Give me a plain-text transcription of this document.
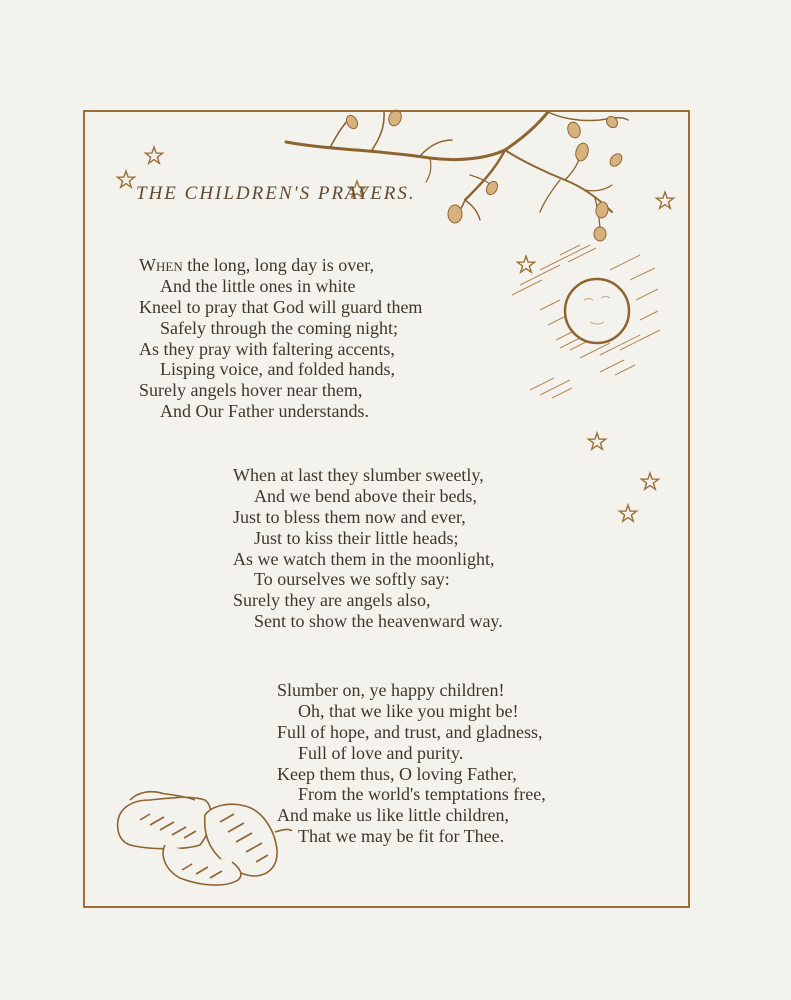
THE CHILDREN'S PRAYERS.
When the long, long day is over,
And the little ones in white
Kneel to pray that God will guard them
Safely through the coming night;
As they pray with faltering accents,
Lisping voice, and folded hands,
Surely angels hover near them,
And Our Father understands.
When at last they slumber sweetly,
And we bend above their beds,
Just to bless them now and ever,
Just to kiss their little heads;
As we watch them in the moonlight,
To ourselves we softly say:
Surely they are angels also,
Sent to show the heavenward way.
Slumber on, ye happy children!
Oh, that we like you might be!
Full of hope, and trust, and gladness,
Full of love and purity.
Keep them thus, O loving Father,
From the world's temptations free,
And make us like little children,
That we may be fit for Thee.
